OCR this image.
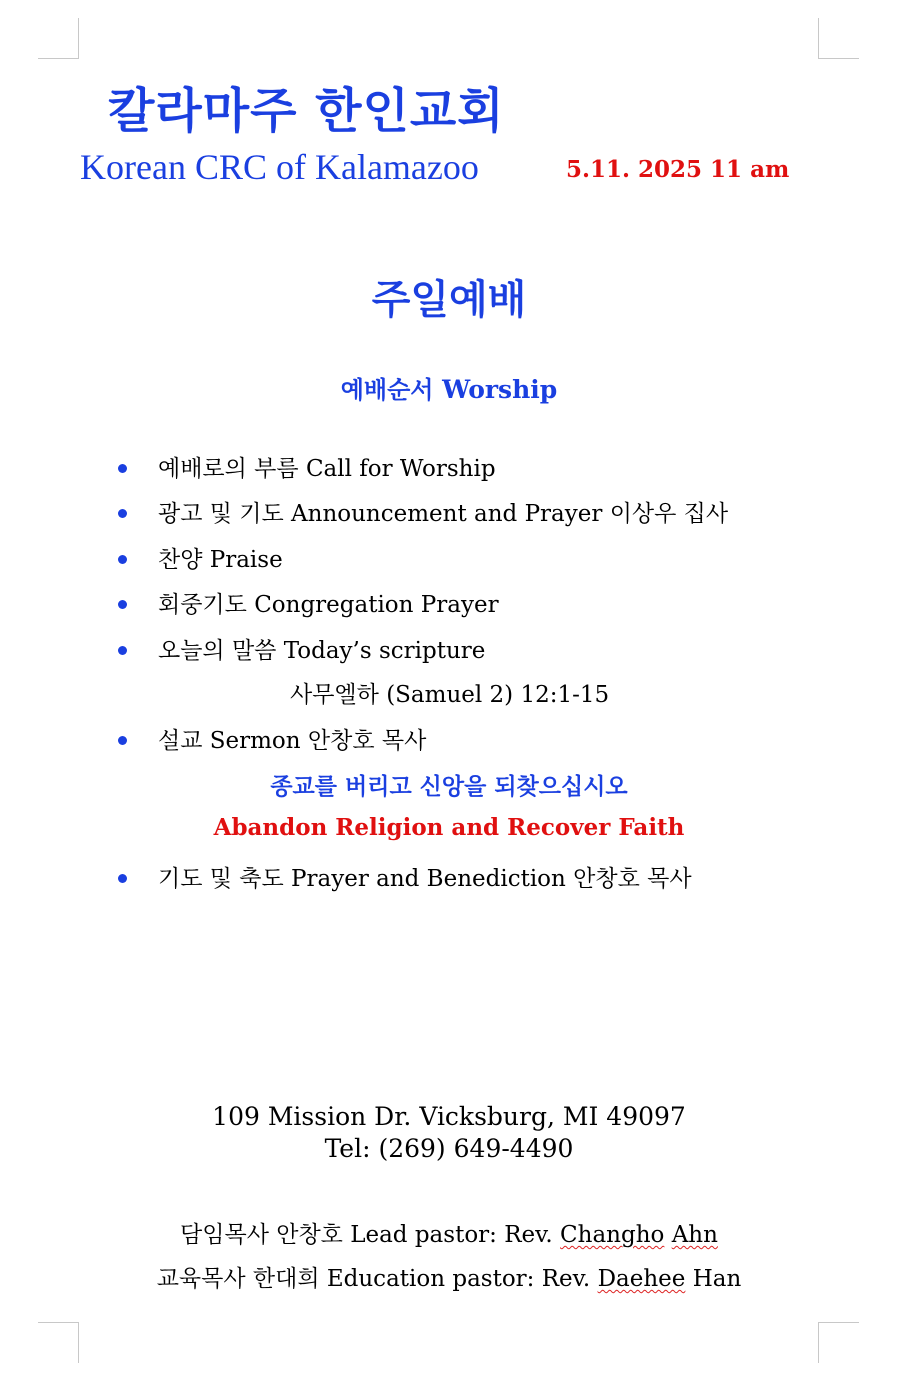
칼라마주 한인교회
Korean CRC of Kalamazoo	5.11. 2025 11 am
주일예배
예배순서 Worship
예배로의 부름 Call for Worship
광고 및 기도 Announcement and Prayer 이상우 집사
찬양 Praise
회중기도 Congregation Prayer
오늘의 말씀 Today’s scripture
사무엘하 (Samuel 2) 12:1-15
설교 Sermon 안창호 목사
종교를 버리고 신앙을 되찾으십시오
Abandon Religion and Recover Faith
기도 및 축도 Prayer and Benediction 안창호 목사
109 Mission Dr. Vicksburg, MI 49097
Tel: (269) 649-4490
담임목사 안창호 Lead pastor: Rev. Changho Ahn
교육목사 한대희 Education pastor: Rev. Daehee Han
